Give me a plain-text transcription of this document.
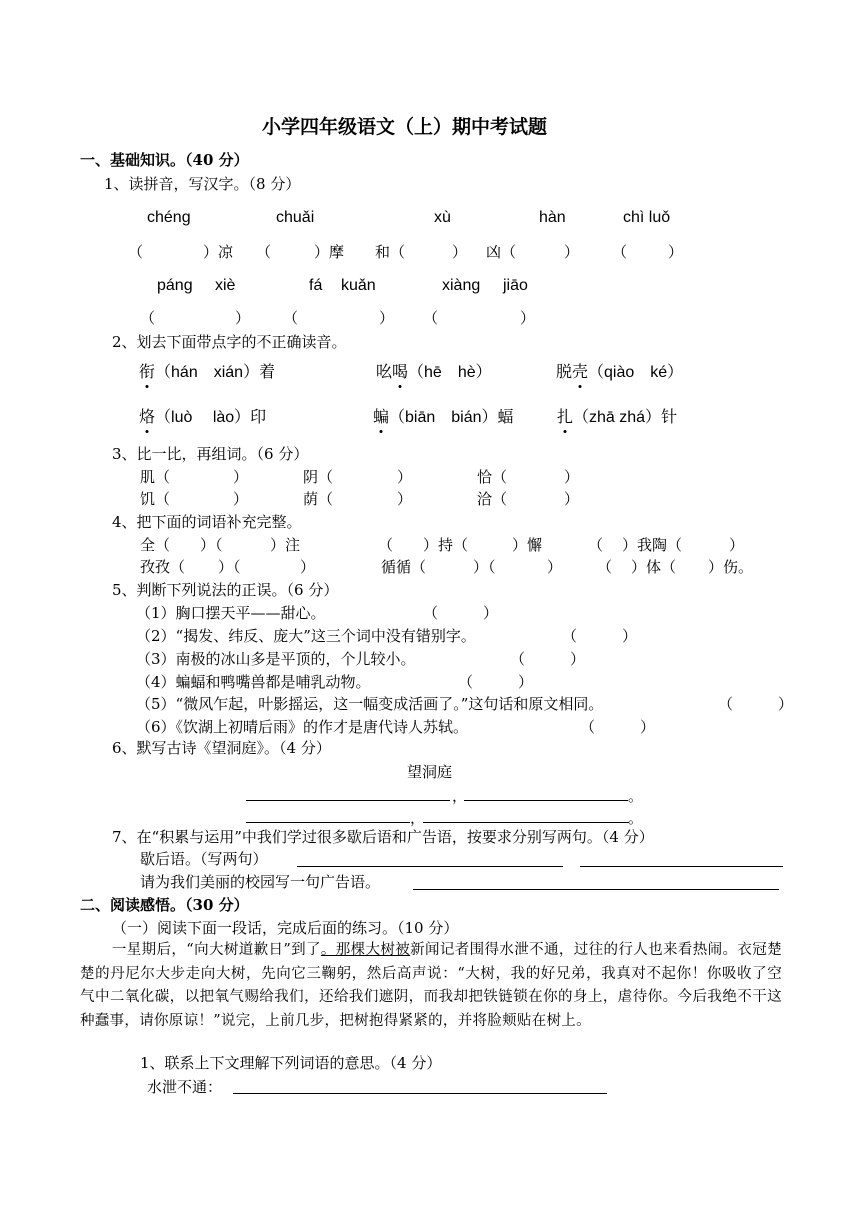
小学四年级语文（上）期中考试题
一、基础知识。（40 分）
1、读拼音，写汉字。（8 分）
chéng	chuǎi	xù	hàn	chì luǒ
（	）凉 （	）摩 和（	） 凶（	） （	）
páng xiè	fá kuǎn	xiàng jiāo
（	） （	） （	）
2、划去下面带点字的不正确读音。
衔（hán　xián）着	吆喝（hē　hè）	脱壳（qiào　ké）
烙（luò　 lào）印	蝙（biān　bián）蝠	扎（zhā zhá）针
3、比一比，再组词。（6 分）
肌（	）	阴（	）	恰（	）
饥（	）	荫（	）	洽（	）
4、把下面的词语补充完整。
全（ ）（	）注	（ ）持（	）懈	（ ）我陶（	）
孜孜（ ）（	）	循循（	）（	） （ ）体（ ）伤。
5、判断下列说法的正误。（6 分）
（1）胸口摆天平——甜心。	（　　　）
（2）“揭发、纬反、庞大”这三个词中没有错别字。	（　　　）
（3）南极的冰山多是平顶的，个儿较小。	（　　　）
（4）蝙蝠和鸭嘴兽都是哺乳动物。	（　　　）
（5）“微风乍起，叶影摇运，这一幅变成活画了。”这句话和原文相同。	（　　　）
（6）《饮湖上初晴后雨》的作才是唐代诗人苏轼。	（　　　）
6、默写古诗《望洞庭》。（4 分）
望洞庭
，	。
，	。
7、在“积累与运用”中我们学过很多歇后语和广告语，按要求分别写两句。（4 分）
歇后语。（写两句）
请为我们美丽的校园写一句广告语。
二、阅读感悟。（30 分）
（一）阅读下面一段话，完成后面的练习。（10 分）
一星期后，“向大树道歉日”到了。那棵大树被新闻记者围得水泄不通，过往的行人也来看热闹。衣冠楚楚的丹尼尔大步走向大树，先向它三鞠躬，然后高声说：“大树，我的好兄弟，我真对不起你！你吸收了空气中二氧化碳，以把氧气赐给我们，还给我们遮阴，而我却把铁链锁在你的身上，虐待你。今后我绝不干这种蠢事，请你原谅！”说完，上前几步，把树抱得紧紧的，并将脸颊贴在树上。
1、联系上下文理解下列词语的意思。（4 分）
水泄不通：
